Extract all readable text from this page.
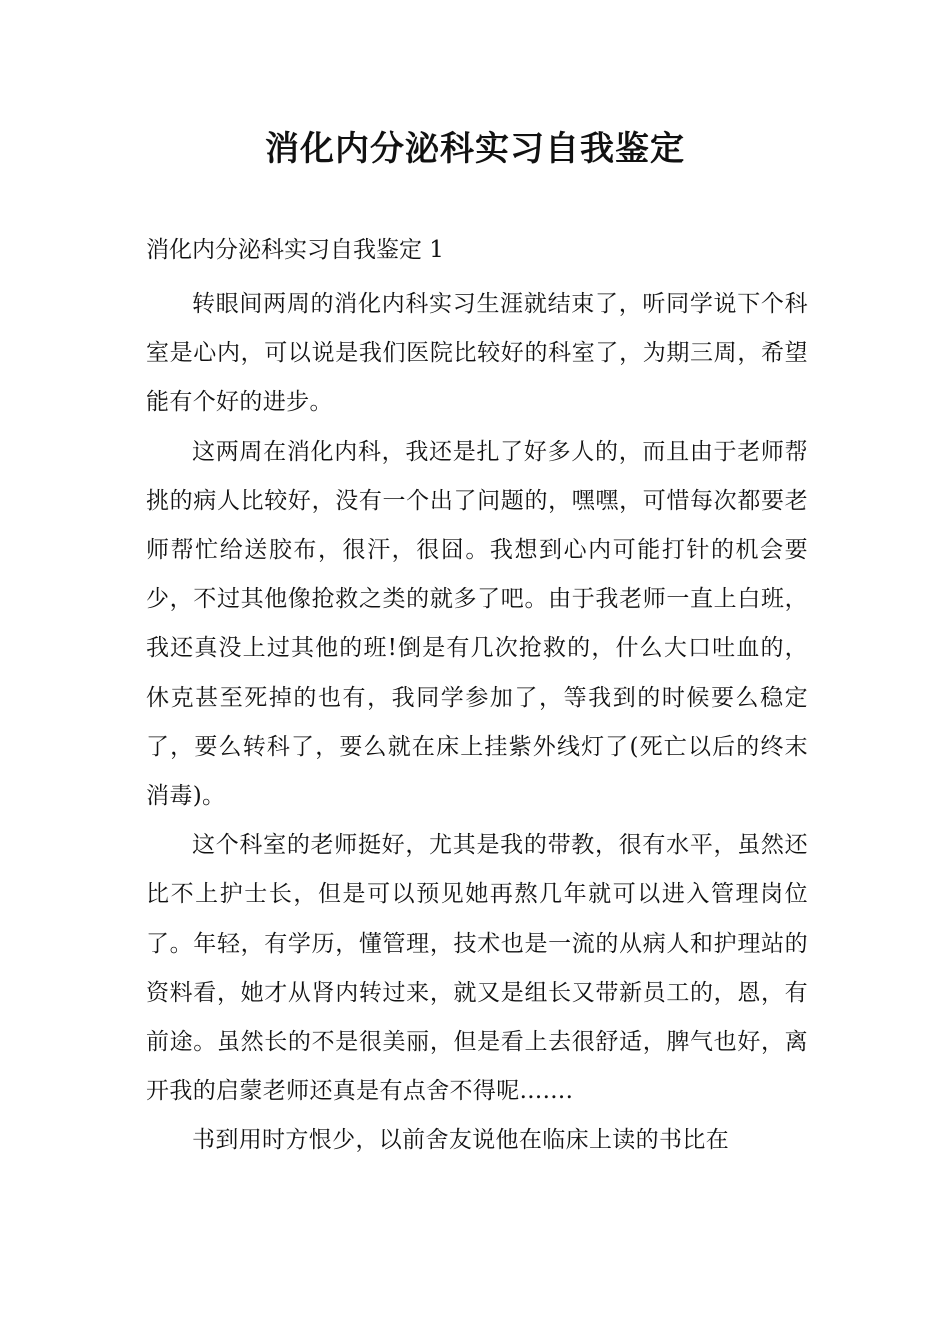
消化内分泌科实习自我鉴定
消化内分泌科实习自我鉴定 1

转眼间两周的消化内科实习生涯就结束了，听同学说下个科室是心内，可以说是我们医院比较好的科室了，为期三周，希望能有个好的进步。

这两周在消化内科，我还是扎了好多人的，而且由于老师帮挑的病人比较好，没有一个出了问题的，嘿嘿，可惜每次都要老师帮忙给送胶布，很汗，很囧。我想到心内可能打针的机会要少，不过其他像抢救之类的就多了吧。由于我老师一直上白班，我还真没上过其他的班!倒是有几次抢救的，什么大口吐血的，休克甚至死掉的也有，我同学参加了，等我到的时候要么稳定了，要么转科了，要么就在床上挂紫外线灯了(死亡以后的终末消毒)。

这个科室的老师挺好，尤其是我的带教，很有水平，虽然还比不上护士长，但是可以预见她再熬几年就可以进入管理岗位了。年轻，有学历，懂管理，技术也是一流的从病人和护理站的资料看，她才从肾内转过来，就又是组长又带新员工的，恩，有前途。虽然长的不是很美丽，但是看上去很舒适，脾气也好，离开我的启蒙老师还真是有点舍不得呢.......

书到用时方恨少，以前舍友说他在临床上读的书比在
